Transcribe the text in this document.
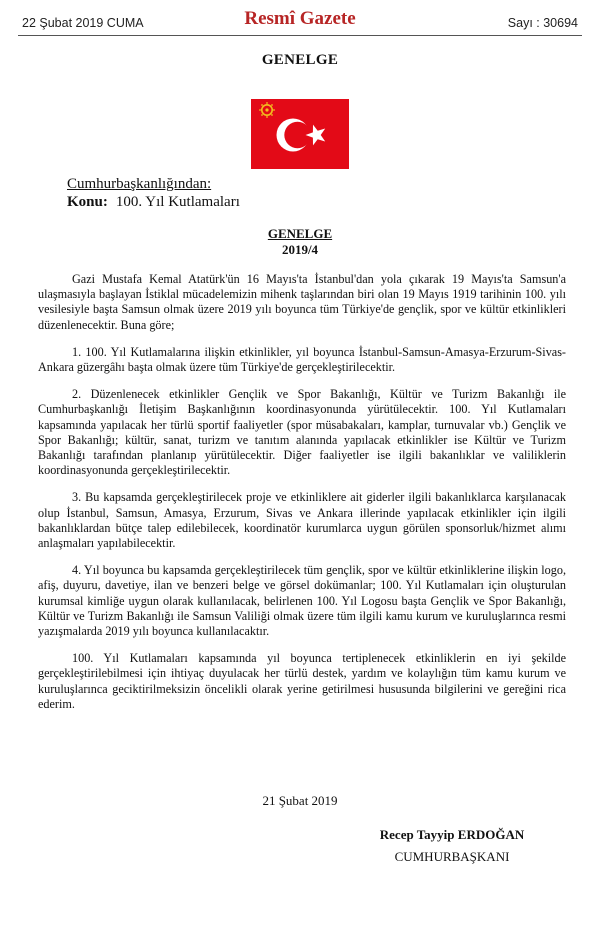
22 Şubat 2019 CUMA	Resmî Gazete	Sayı : 30694
GENELGE
Cumhurbaşkanlığından:
Konu: 100. Yıl Kutlamaları
GENELGE
2019/4

Gazi Mustafa Kemal Atatürk'ün 16 Mayıs'ta İstanbul'dan yola çıkarak 19 Mayıs'ta Samsun'a ulaşmasıyla başlayan İstiklal mücadelemizin mihenk taşlarından biri olan 19 Mayıs 1919 tarihinin 100. yılı vesilesiyle başta Samsun olmak üzere 2019 yılı boyunca tüm Türkiye'de gençlik, spor ve kültür etkinlikleri düzenlenecektir. Buna göre;

1. 100. Yıl Kutlamalarına ilişkin etkinlikler, yıl boyunca İstanbul-Samsun-Amasya-Erzurum-Sivas-Ankara güzergâhı başta olmak üzere tüm Türkiye'de gerçekleştirilecektir.

2. Düzenlenecek etkinlikler Gençlik ve Spor Bakanlığı, Kültür ve Turizm Bakanlığı ile Cumhurbaşkanlığı İletişim Başkanlığının koordinasyonunda yürütülecektir. 100. Yıl Kutlamaları kapsamında yapılacak her türlü sportif faaliyetler (spor müsabakaları, kamplar, turnuvalar vb.) Gençlik ve Spor Bakanlığı; kültür, sanat, turizm ve tanıtım alanında yapılacak etkinlikler ise Kültür ve Turizm Bakanlığı tarafından planlanıp yürütülecektir. Diğer faaliyetler ise ilgili bakanlıklar ve valiliklerin koordinasyonunda gerçekleştirilecektir.

3. Bu kapsamda gerçekleştirilecek proje ve etkinliklere ait giderler ilgili bakanlıklarca karşılanacak olup İstanbul, Samsun, Amasya, Erzurum, Sivas ve Ankara illerinde yapılacak etkinlikler için ilgili bakanlıklardan bütçe talep edilebilecek, koordinatör kurumlarca uygun görülen sponsorluk/hizmet alımı anlaşmaları yapılabilecektir.

4. Yıl boyunca bu kapsamda gerçekleştirilecek tüm gençlik, spor ve kültür etkinliklerine ilişkin logo, afiş, duyuru, davetiye, ilan ve benzeri belge ve görsel dokümanlar; 100. Yıl Kutlamaları için oluşturulan kurumsal kimliğe uygun olarak kullanılacak, belirlenen 100. Yıl Logosu başta Gençlik ve Spor Bakanlığı, Kültür ve Turizm Bakanlığı ile Samsun Valiliği olmak üzere tüm ilgili kamu kurum ve kuruluşlarınca resmi yazışmalarda 2019 yılı boyunca kullanılacaktır.

100. Yıl Kutlamaları kapsamında yıl boyunca tertiplenecek etkinliklerin en iyi şekilde gerçekleştirilebilmesi için ihtiyaç duyulacak her türlü destek, yardım ve kolaylığın tüm kamu kurum ve kuruluşlarınca geciktirilmeksizin öncelikli olarak yerine getirilmesi hususunda bilgilerini ve gereğini rica ederim.

21 Şubat 2019
Recep Tayyip ERDOĞAN
CUMHURBAŞKANI
